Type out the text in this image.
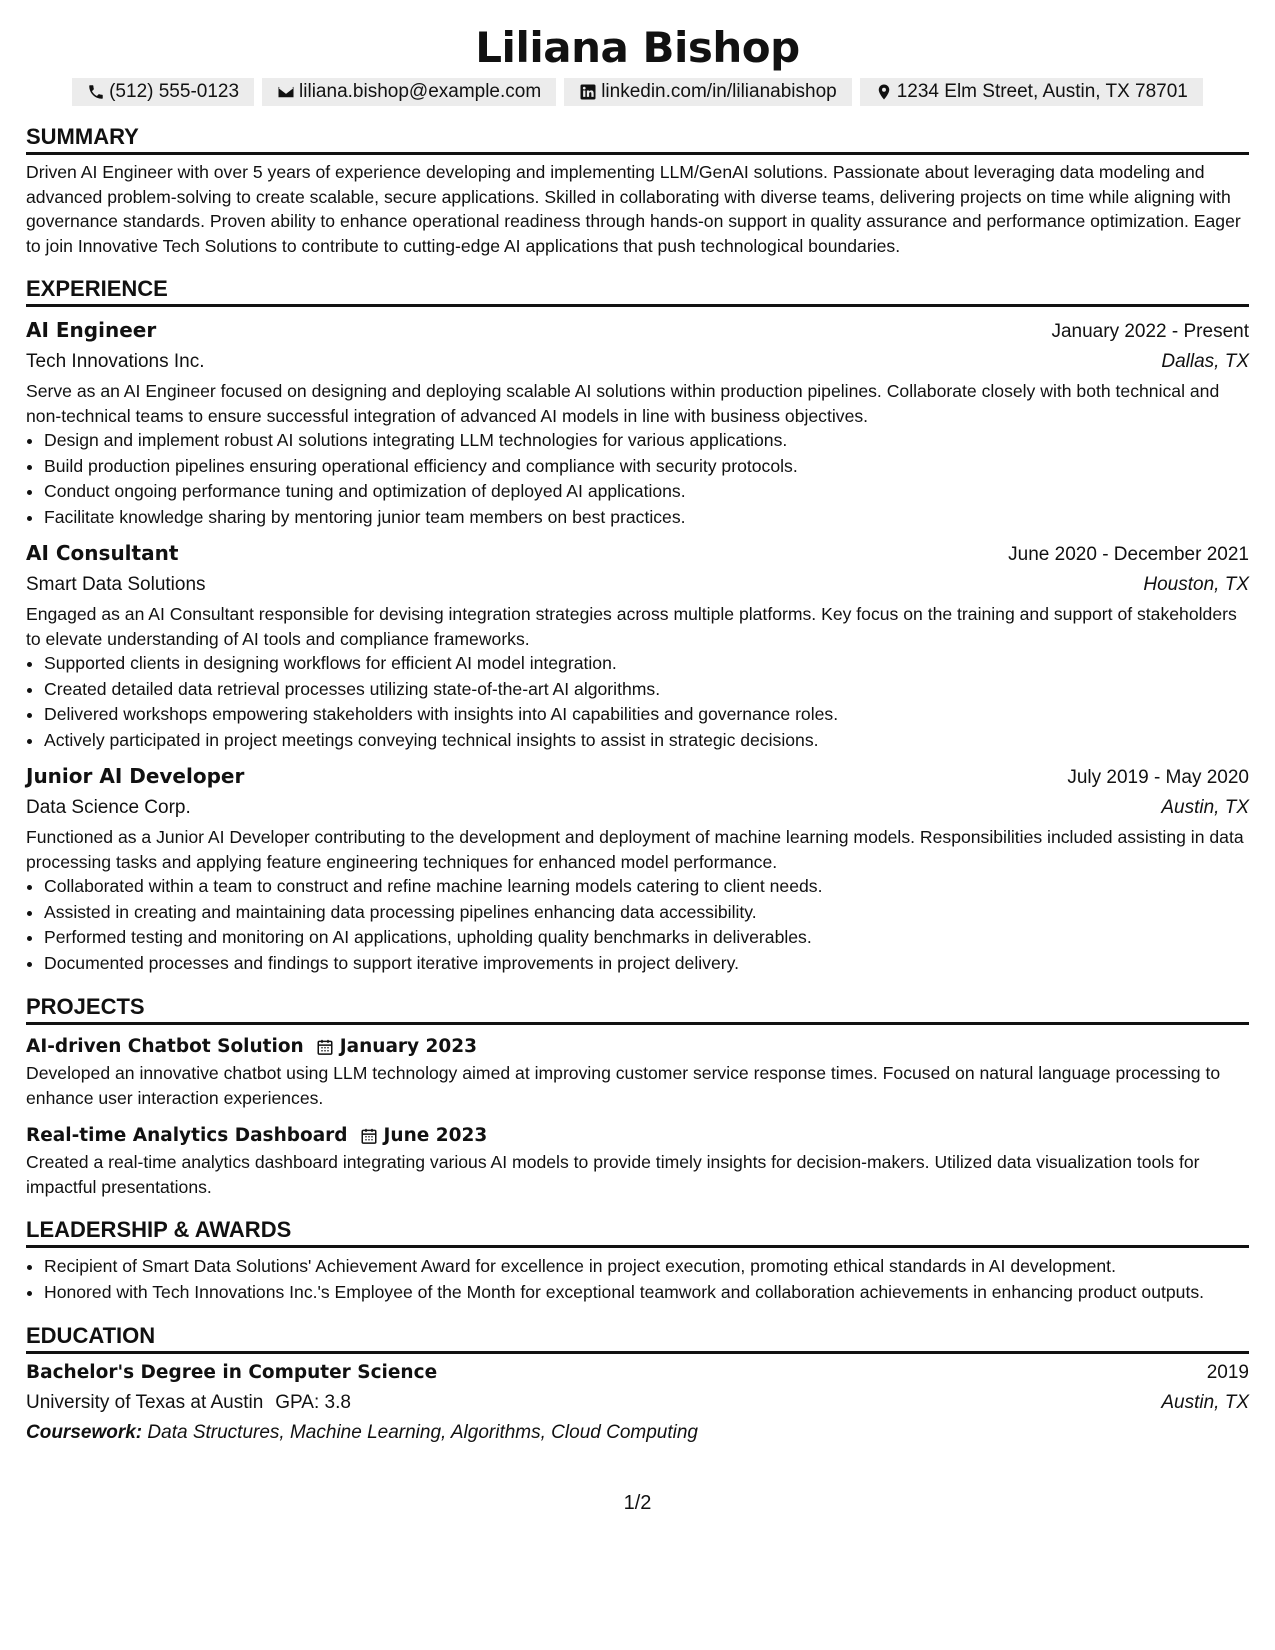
Liliana Bishop
(512) 555-0123	liliana.bishop@example.com	linkedin.com/in/lilianabishop	1234 Elm Street, Austin, TX 78701
SUMMARY

Driven AI Engineer with over 5 years of experience developing and implementing LLM/GenAI solutions. Passionate about leveraging data modeling and advanced problem-solving to create scalable, secure applications. Skilled in collaborating with diverse teams, delivering projects on time while aligning with governance standards. Proven ability to enhance operational readiness through hands-on support in quality assurance and performance optimization. Eager to join Innovative Tech Solutions to contribute to cutting-edge AI applications that push technological boundaries.

EXPERIENCE
AI Engineer	January 2022 - Present
Tech Innovations Inc.	Dallas, TX

Serve as an AI Engineer focused on designing and deploying scalable AI solutions within production pipelines. Collaborate closely with both technical and non-technical teams to ensure successful integration of advanced AI models in line with business objectives.

• Design and implement robust AI solutions integrating LLM technologies for various applications.
• Build production pipelines ensuring operational efficiency and compliance with security protocols.
• Conduct ongoing performance tuning and optimization of deployed AI applications.
• Facilitate knowledge sharing by mentoring junior team members on best practices.
AI Consultant	June 2020 - December 2021
Smart Data Solutions	Houston, TX

Engaged as an AI Consultant responsible for devising integration strategies across multiple platforms. Key focus on the training and support of stakeholders to elevate understanding of AI tools and compliance frameworks.

• Supported clients in designing workflows for efficient AI model integration.
• Created detailed data retrieval processes utilizing state-of-the-art AI algorithms.
• Delivered workshops empowering stakeholders with insights into AI capabilities and governance roles.
• Actively participated in project meetings conveying technical insights to assist in strategic decisions.
Junior AI Developer	July 2019 - May 2020
Data Science Corp.	Austin, TX

Functioned as a Junior AI Developer contributing to the development and deployment of machine learning models. Responsibilities included assisting in data processing tasks and applying feature engineering techniques for enhanced model performance.

• Collaborated within a team to construct and refine machine learning models catering to client needs.
• Assisted in creating and maintaining data processing pipelines enhancing data accessibility.
• Performed testing and monitoring on AI applications, upholding quality benchmarks in deliverables.
• Documented processes and findings to support iterative improvements in project delivery.
PROJECTS
AI-driven Chatbot Solution January 2023

Developed an innovative chatbot using LLM technology aimed at improving customer service response times. Focused on natural language processing to enhance user interaction experiences.

Real-time Analytics Dashboard June 2023

Created a real-time analytics dashboard integrating various AI models to provide timely insights for decision-makers. Utilized data visualization tools for impactful presentations.

LEADERSHIP & AWARDS
• Recipient of Smart Data Solutions' Achievement Award for excellence in project execution, promoting ethical standards in AI development.
• Honored with Tech Innovations Inc.'s Employee of the Month for exceptional teamwork and collaboration achievements in enhancing product outputs.
EDUCATION
Bachelor's Degree in Computer Science	2019
University of Texas at Austin GPA: 3.8	Austin, TX
Coursework: Data Structures, Machine Learning, Algorithms, Cloud Computing
1/2
